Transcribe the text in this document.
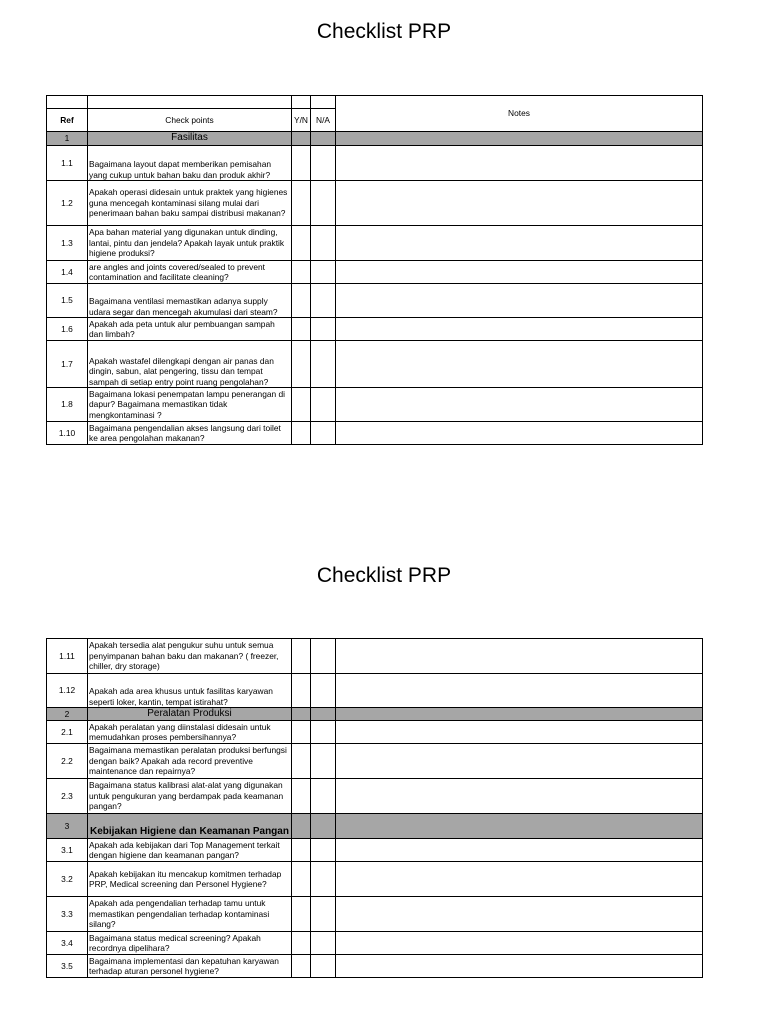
Checklist PRP
				Notes
Ref	Check points	Y/N	N/A	
1	Fasilitas			
1.1	Bagaimana layout dapat memberikan pemisahan yang cukup untuk bahan baku dan produk akhir?			
1.2	Apakah operasi didesain untuk praktek yang higienes guna mencegah kontaminasi silang mulai dari penerimaan bahan baku sampai distribusi makanan?			
1.3	Apa bahan material yang digunakan untuk dinding, lantai, pintu dan jendela? Apakah layak untuk praktik higiene produksi?			
1.4	are angles and joints covered/sealed to prevent contamination and facilitate cleaning?			
1.5	Bagaimana ventilasi memastikan adanya supply udara segar dan mencegah akumulasi dari steam?			
1.6	Apakah ada peta untuk alur pembuangan sampah dan limbah?			
1.7	Apakah wastafel dilengkapi dengan air panas dan dingin, sabun, alat pengering, tissu dan tempat sampah di setiap entry point ruang pengolahan?			
1.8	Bagaimana lokasi penempatan lampu penerangan di dapur? Bagaimana memastikan tidak mengkontaminasi ?			
1.10	Bagaimana pengendalian akses langsung dari toilet ke area pengolahan makanan?			
Checklist PRP
1.11	Apakah tersedia alat pengukur suhu untuk semua penyimpanan bahan baku dan makanan? ( freezer, chiller, dry storage)			
1.12	Apakah ada area khusus untuk fasilitas karyawan seperti loker, kantin, tempat istirahat?			
2	Peralatan Produksi			
2.1	Apakah peralatan yang diinstalasi didesain untuk memudahkan proses pembersihannya?			
2.2	Bagaimana memastikan peralatan produksi berfungsi dengan baik? Apakah ada record preventive maintenance dan repairnya?			
2.3	Bagaimana status kalibrasi alat-alat yang digunakan untuk pengukuran yang berdampak pada keamanan pangan?			
3	Kebijakan Higiene dan Keamanan Pangan			
3.1	Apakah ada kebijakan dari Top Management terkait dengan higiene dan keamanan pangan?			
3.2	Apakah kebijakan itu mencakup komitmen terhadap PRP, Medical screening dan Personel Hygiene?			
3.3	Apakah ada pengendalian terhadap tamu untuk memastikan pengendalian terhadap kontaminasi silang?			
3.4	Bagaimana status medical screening? Apakah recordnya dipelihara?			
3.5	Bagaimana implementasi dan kepatuhan karyawan terhadap aturan personel hygiene?			
